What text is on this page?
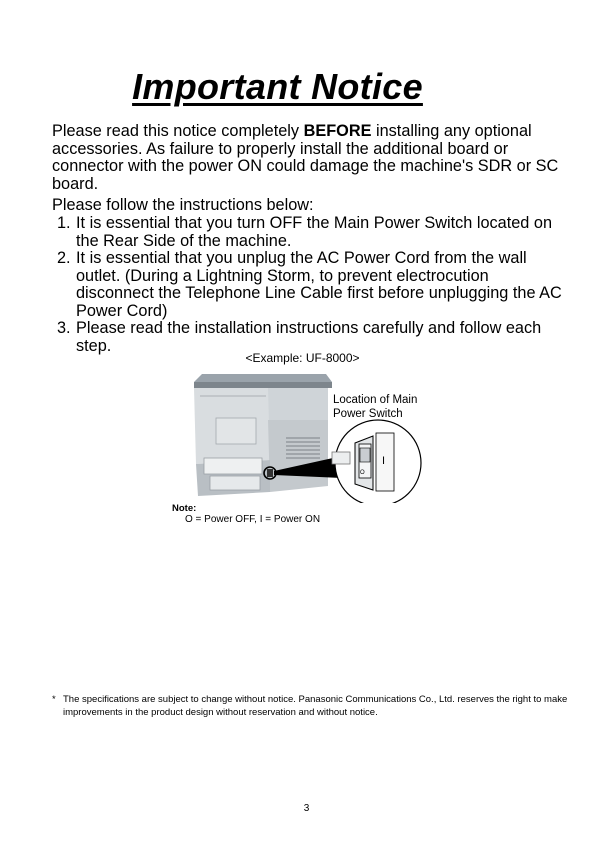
Important Notice

Please read this notice completely BEFORE installing any optional accessories. As failure to properly install the additional board or connector with the power ON could damage the machine's SDR or SC board.

Please follow the instructions below:

1. It is essential that you turn OFF the Main Power Switch located on the Rear Side of the machine.
2. It is essential that you unplug the AC Power Cord from the wall outlet. (During a Lightning Storm, to prevent electrocution disconnect the Telephone Line Cable first before unplugging the AC Power Cord)
3. Please read the installation instructions carefully and follow each step.
<Example: UF-8000>
I
O
Location of Main
Power Switch
Note:
O = Power OFF, I = Power ON
* The specifications are subject to change without notice. Panasonic Communications Co., Ltd. reserves the right to make improvements in the product design without reservation and without notice.
3
